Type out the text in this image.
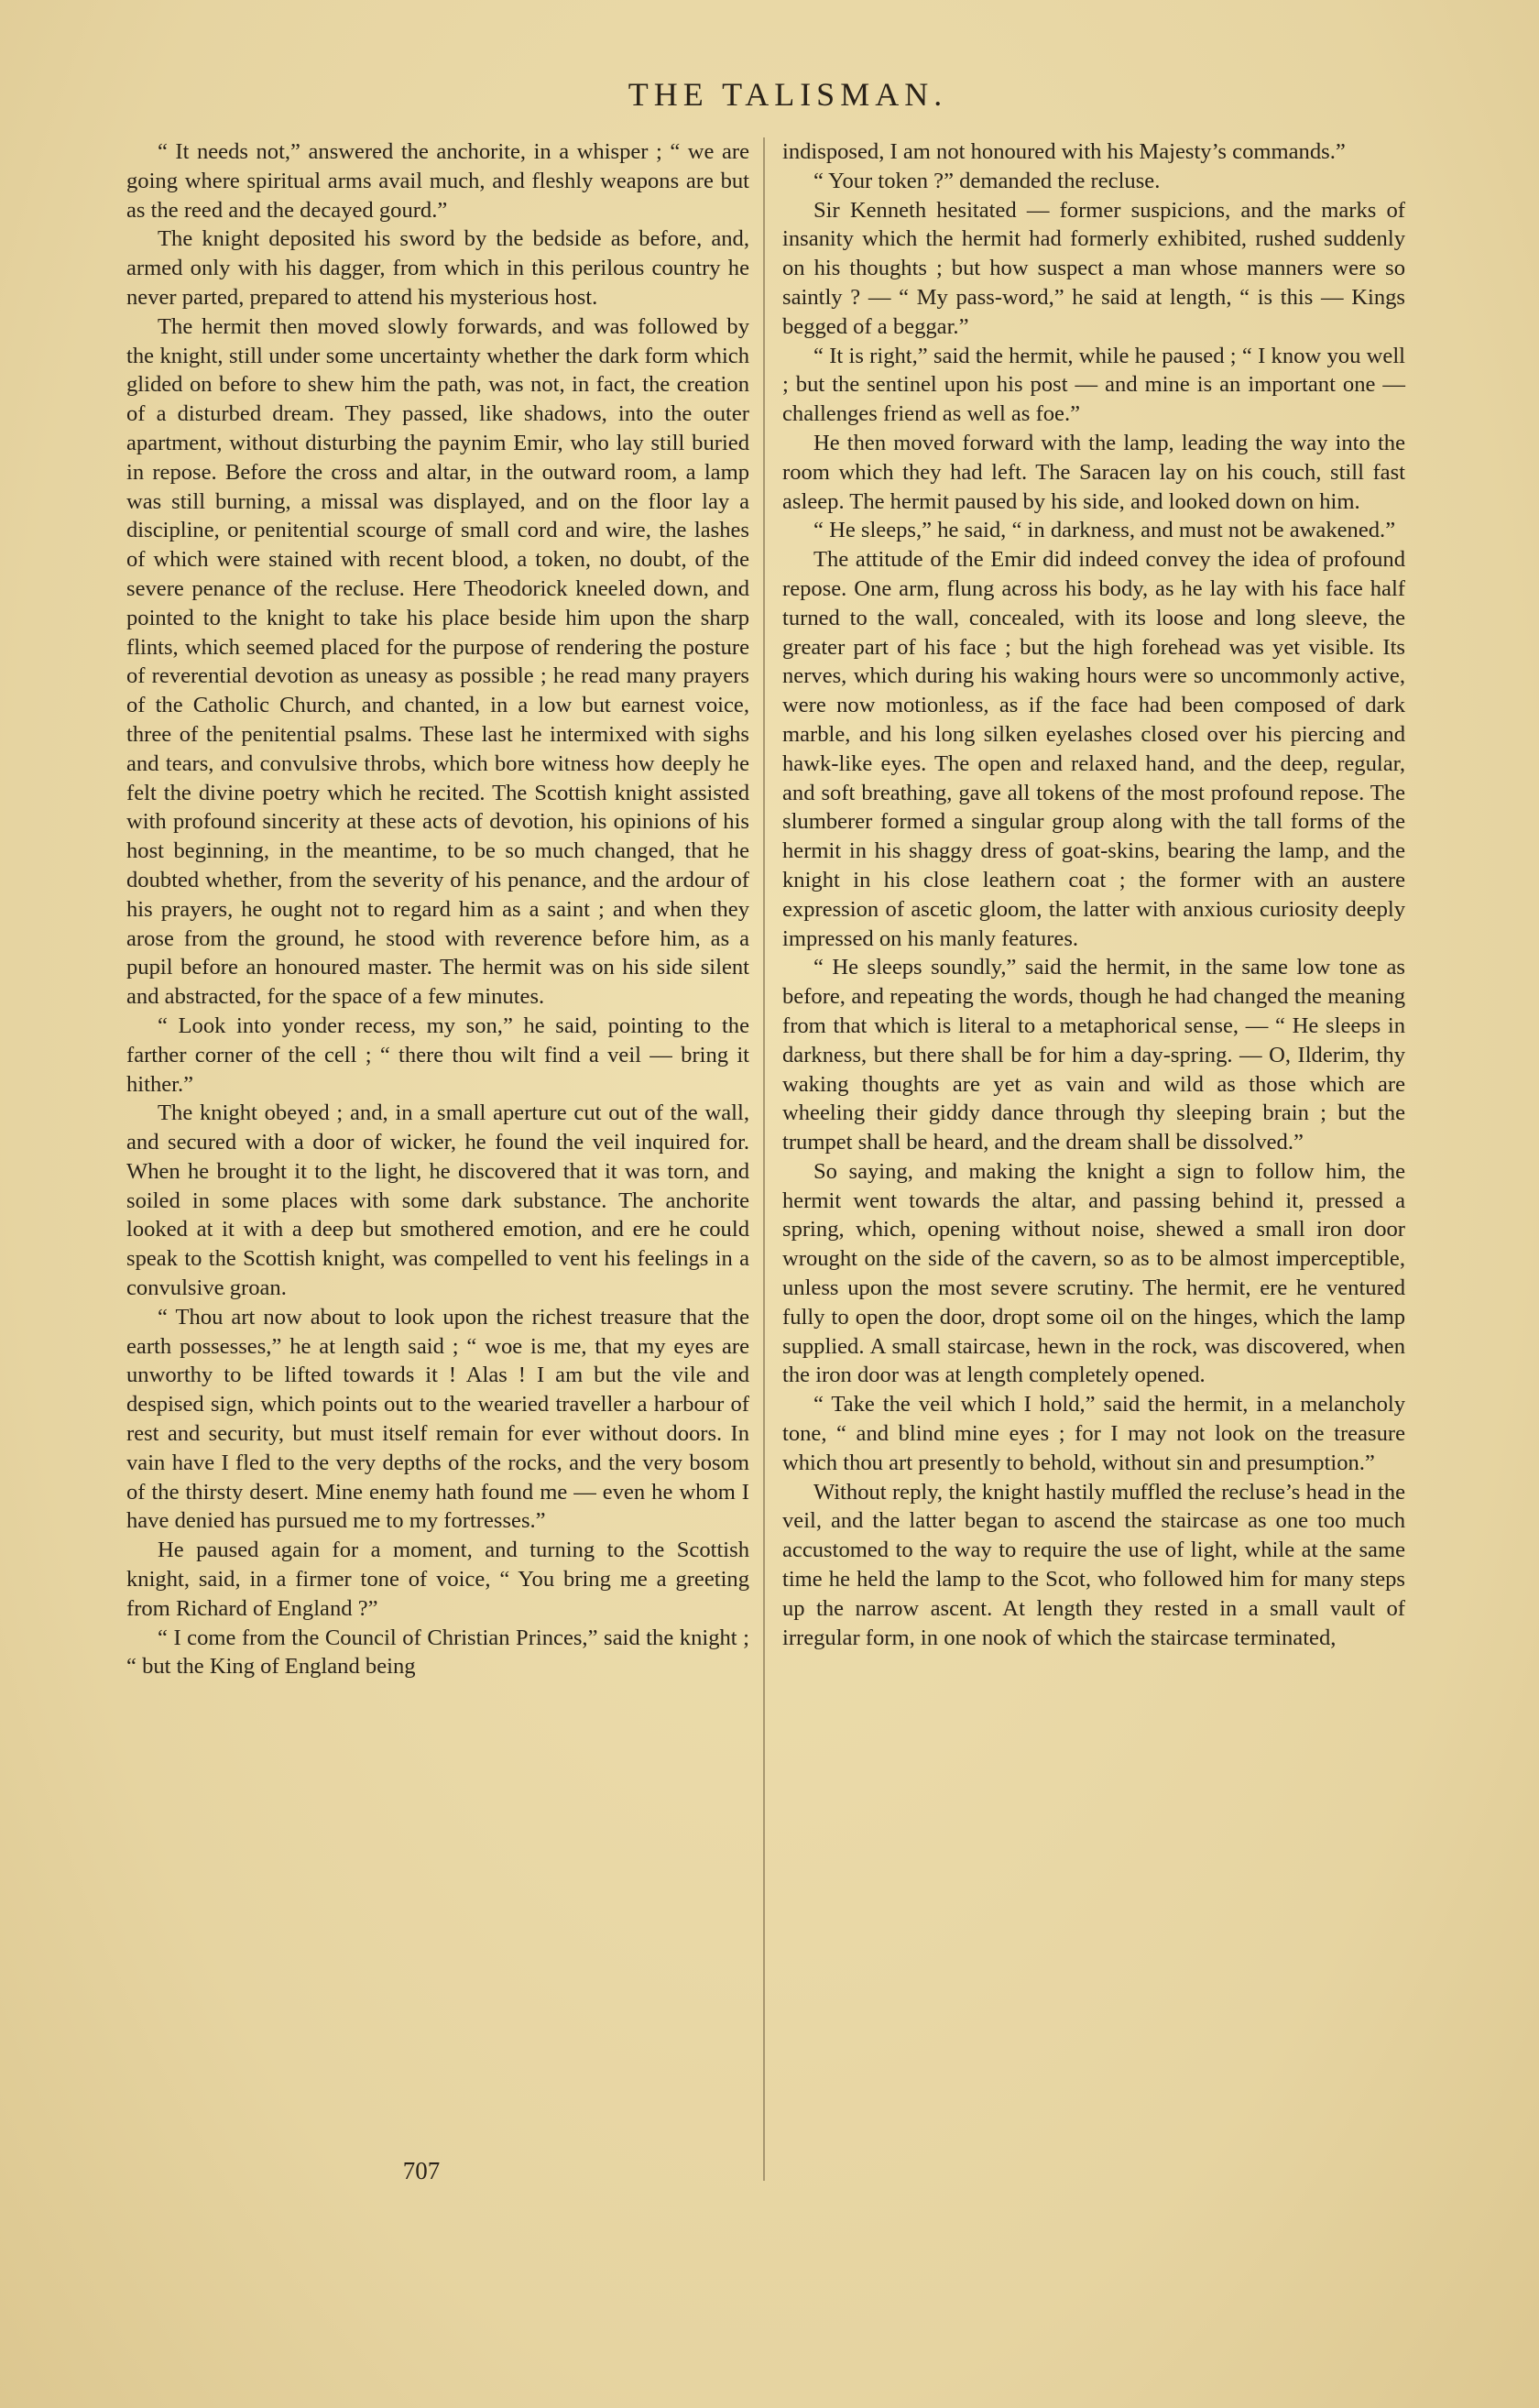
THE TALISMAN.

“ It needs not,” answered the anchorite, in a whisper ; “ we are going where spiritual arms avail much, and fleshly weapons are but as the reed and the decayed gourd.”

The knight deposited his sword by the bedside as before, and, armed only with his dagger, from which in this perilous country he never parted, prepared to attend his mysterious host.

The hermit then moved slowly forwards, and was followed by the knight, still under some uncertainty whether the dark form which glided on before to shew him the path, was not, in fact, the creation of a disturbed dream. They passed, like shadows, into the outer apartment, without disturbing the paynim Emir, who lay still buried in repose. Before the cross and altar, in the outward room, a lamp was still burning, a missal was displayed, and on the floor lay a discipline, or penitential scourge of small cord and wire, the lashes of which were stained with recent blood, a token, no doubt, of the severe penance of the recluse. Here Theodorick kneeled down, and pointed to the knight to take his place beside him upon the sharp flints, which seemed placed for the purpose of rendering the posture of reverential devotion as uneasy as possible ; he read many prayers of the Catholic Church, and chanted, in a low but earnest voice, three of the penitential psalms. These last he intermixed with sighs and tears, and convulsive throbs, which bore witness how deeply he felt the divine poetry which he recited. The Scottish knight assisted with profound sincerity at these acts of devotion, his opinions of his host beginning, in the meantime, to be so much changed, that he doubted whether, from the severity of his penance, and the ardour of his prayers, he ought not to regard him as a saint ; and when they arose from the ground, he stood with reverence before him, as a pupil before an honoured master. The hermit was on his side silent and abstracted, for the space of a few minutes.

“ Look into yonder recess, my son,” he said, pointing to the farther corner of the cell ; “ there thou wilt find a veil — bring it hither.”

The knight obeyed ; and, in a small aperture cut out of the wall, and secured with a door of wicker, he found the veil inquired for. When he brought it to the light, he discovered that it was torn, and soiled in some places with some dark substance. The anchorite looked at it with a deep but smothered emotion, and ere he could speak to the Scottish knight, was compelled to vent his feelings in a convulsive groan.

“ Thou art now about to look upon the richest treasure that the earth possesses,” he at length said ; “ woe is me, that my eyes are unworthy to be lifted towards it ! Alas ! I am but the vile and despised sign, which points out to the wearied traveller a harbour of rest and security, but must itself remain for ever without doors. In vain have I fled to the very depths of the rocks, and the very bosom of the thirsty desert. Mine enemy hath found me — even he whom I have denied has pursued me to my fortresses.”

He paused again for a moment, and turning to the Scottish knight, said, in a firmer tone of voice, “ You bring me a greeting from Richard of England ?”

“ I come from the Council of Christian Princes,” said the knight ; “ but the King of England being

indisposed, I am not honoured with his Majesty’s commands.”

“ Your token ?” demanded the recluse.

Sir Kenneth hesitated — former suspicions, and the marks of insanity which the hermit had formerly exhibited, rushed suddenly on his thoughts ; but how suspect a man whose manners were so saintly ? — “ My pass-word,” he said at length, “ is this — Kings begged of a beggar.”

“ It is right,” said the hermit, while he paused ; “ I know you well ; but the sentinel upon his post — and mine is an important one — challenges friend as well as foe.”

He then moved forward with the lamp, leading the way into the room which they had left. The Saracen lay on his couch, still fast asleep. The hermit paused by his side, and looked down on him.

“ He sleeps,” he said, “ in darkness, and must not be awakened.”

The attitude of the Emir did indeed convey the idea of profound repose. One arm, flung across his body, as he lay with his face half turned to the wall, concealed, with its loose and long sleeve, the greater part of his face ; but the high forehead was yet visible. Its nerves, which during his waking hours were so uncommonly active, were now motionless, as if the face had been composed of dark marble, and his long silken eyelashes closed over his piercing and hawk-like eyes. The open and relaxed hand, and the deep, regular, and soft breathing, gave all tokens of the most profound repose. The slumberer formed a singular group along with the tall forms of the hermit in his shaggy dress of goat-skins, bearing the lamp, and the knight in his close leathern coat ; the former with an austere expression of ascetic gloom, the latter with anxious curiosity deeply impressed on his manly features.

“ He sleeps soundly,” said the hermit, in the same low tone as before, and repeating the words, though he had changed the meaning from that which is literal to a metaphorical sense, — “ He sleeps in darkness, but there shall be for him a day-spring. — O, Ilderim, thy waking thoughts are yet as vain and wild as those which are wheeling their giddy dance through thy sleeping brain ; but the trumpet shall be heard, and the dream shall be dissolved.”

So saying, and making the knight a sign to follow him, the hermit went towards the altar, and passing behind it, pressed a spring, which, opening without noise, shewed a small iron door wrought on the side of the cavern, so as to be almost imperceptible, unless upon the most severe scrutiny. The hermit, ere he ventured fully to open the door, dropt some oil on the hinges, which the lamp supplied. A small staircase, hewn in the rock, was discovered, when the iron door was at length completely opened.

“ Take the veil which I hold,” said the hermit, in a melancholy tone, “ and blind mine eyes ; for I may not look on the treasure which thou art presently to behold, without sin and presumption.”

Without reply, the knight hastily muffled the recluse’s head in the veil, and the latter began to ascend the staircase as one too much accustomed to the way to require the use of light, while at the same time he held the lamp to the Scot, who followed him for many steps up the narrow ascent. At length they rested in a small vault of irregular form, in one nook of which the staircase terminated,

707
